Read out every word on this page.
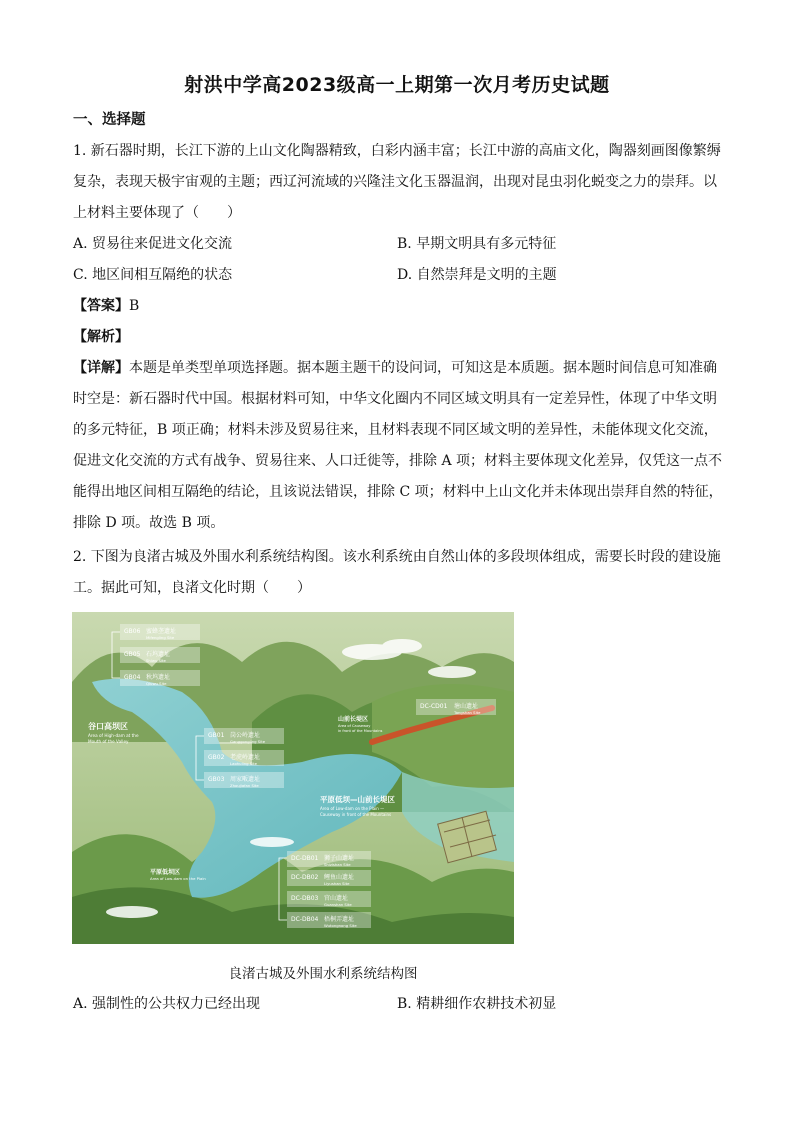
射洪中学高2023级高一上期第一次月考历史试题
一、选择题
1. 新石器时期，长江下游的上山文化陶器精致，白彩内涵丰富；长江中游的高庙文化，陶器刻画图像繁缛
复杂，表现天极宇宙观的主题；西辽河流域的兴隆洼文化玉器温润，出现对昆虫羽化蜕变之力的崇拜。以
上材料主要体现了（　　）
A. 贸易往来促进文化交流	B. 早期文明具有多元特征
C. 地区间相互隔绝的状态	D. 自然崇拜是文明的主题
【答案】B
【解析】
【详解】本题是单类型单项选择题。据本题主题干的设问词，可知这是本质题。据本题时间信息可知准确
时空是：新石器时代中国。根据材料可知，中华文化圈内不同区域文明具有一定差异性，体现了中华文明
的多元特征，B 项正确；材料未涉及贸易往来，且材料表现不同区域文明的差异性，未能体现文化交流，
促进文化交流的方式有战争、贸易往来、人口迁徙等，排除 A 项；材料主要体现文化差异，仅凭这一点不
能得出地区间相互隔绝的结论，且该说法错误，排除 C 项；材料中上山文化并未体现出崇拜自然的特征，
排除 D 项。故选 B 项。
2. 下图为良渚古城及外围水利系统结构图。该水利系统由自然山体的多段坝体组成，需要长时段的建设施
工。据此可知，良渚文化时期（　　）
GB06 蜜蜂垄遗址
Mifengling Site
GB05 石坞遗址
Shiwu Site
GB04 秋坞遗址
Qiuwu Site
谷口高坝区
Area of High-dam at the
Mouth of the Valley
GB01 岗公岭遗址
Ganggongling Site
GB02 老虎岭遗址
Laohuling Site
GB03 周家畈遗址
Zhoujiafan Site
山前长堤区
Area of Causeway
in front of the Mountains
DC-CD01 塘山遗址
Tangshan Site
平原低坝—山前长堤区
Area of Low-dam on the Plain —
Causeway in front of the Mountains
平原低坝区
Area of Low-dam on the Plain
DC-DB01 狮子山遗址
Shizishan Site
DC-DB02 鲤鱼山遗址
Liyushan Site
DC-DB03 官山遗址
Guanshan Site
DC-DB04 梧桐弄遗址
Wutongnong Site
良渚古城及外围水利系统结构图
A. 强制性的公共权力已经出现	B. 精耕细作农耕技术初显
